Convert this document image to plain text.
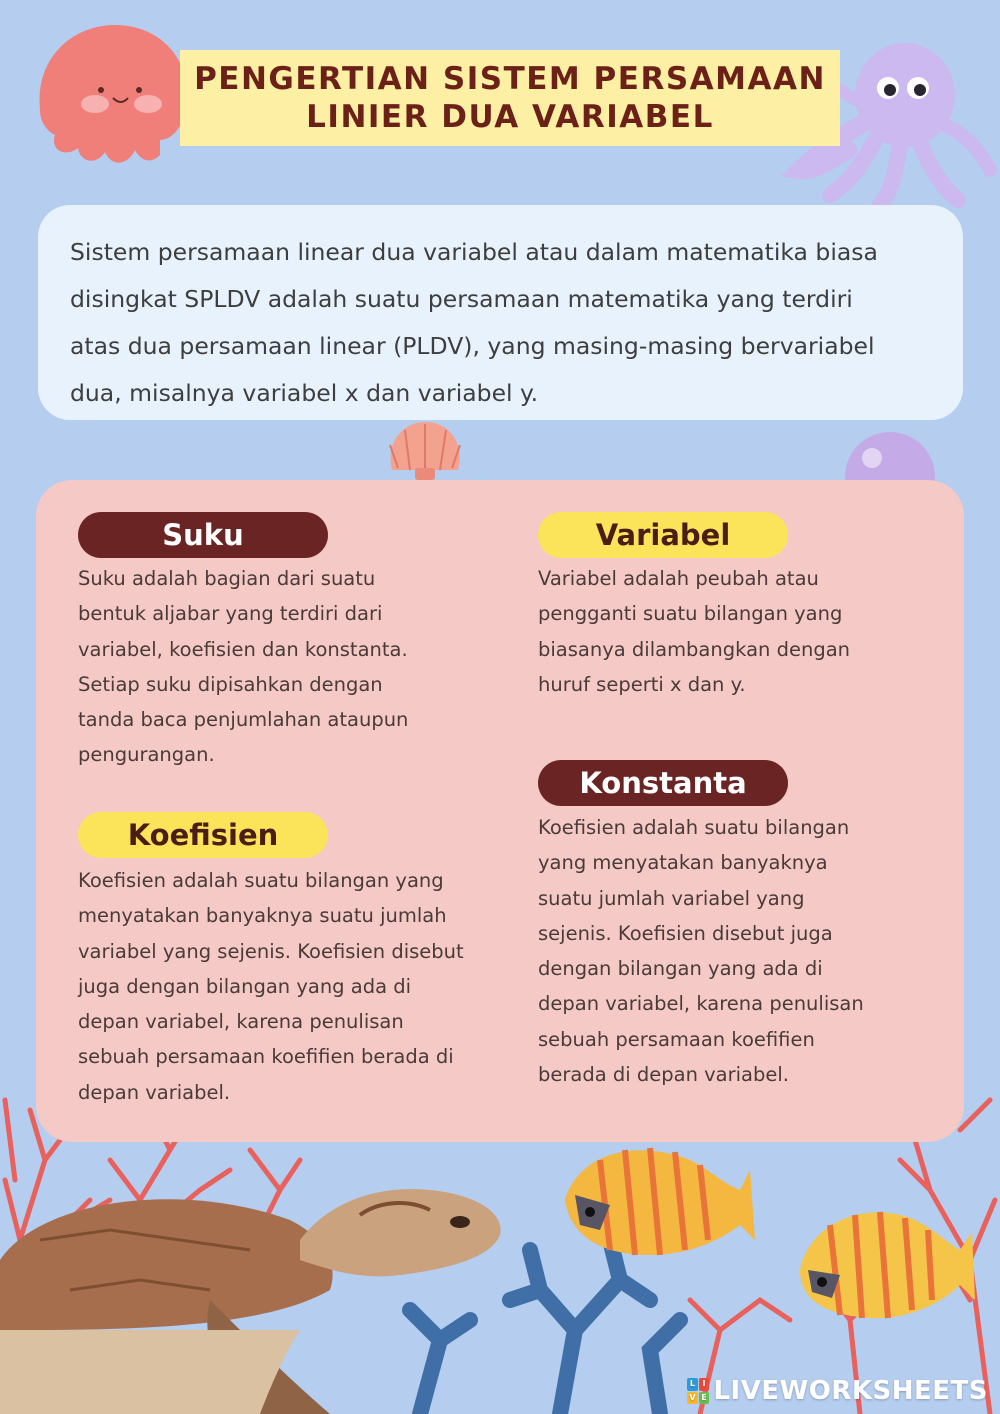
PENGERTIAN SISTEM PERSAMAAN
LINIER DUA VARIABEL
Sistem persamaan linear dua variabel atau dalam matematika biasa
disingkat SPLDV adalah suatu persamaan matematika yang terdiri
atas dua persamaan linear (PLDV), yang masing-masing bervariabel
dua, misalnya variabel x dan variabel y.
Suku
Suku adalah bagian dari suatu
bentuk aljabar yang terdiri dari
variabel, koefisien dan konstanta.
Setiap suku dipisahkan dengan
tanda baca penjumlahan ataupun
pengurangan.
Variabel
Variabel adalah peubah atau
pengganti suatu bilangan yang
biasanya dilambangkan dengan
huruf seperti x dan y.
Koefisien
Koefisien adalah suatu bilangan yang
menyatakan banyaknya suatu jumlah
variabel yang sejenis. Koefisien disebut
juga dengan bilangan yang ada di
depan variabel, karena penulisan
sebuah persamaan koefifien berada di
depan variabel.
Konstanta
Koefisien adalah suatu bilangan
yang menyatakan banyaknya
suatu jumlah variabel yang
sejenis. Koefisien disebut juga
dengan bilangan yang ada di
depan variabel, karena penulisan
sebuah persamaan koefifien
berada di depan variabel.
L I
V E LIVEWORKSHEETS
